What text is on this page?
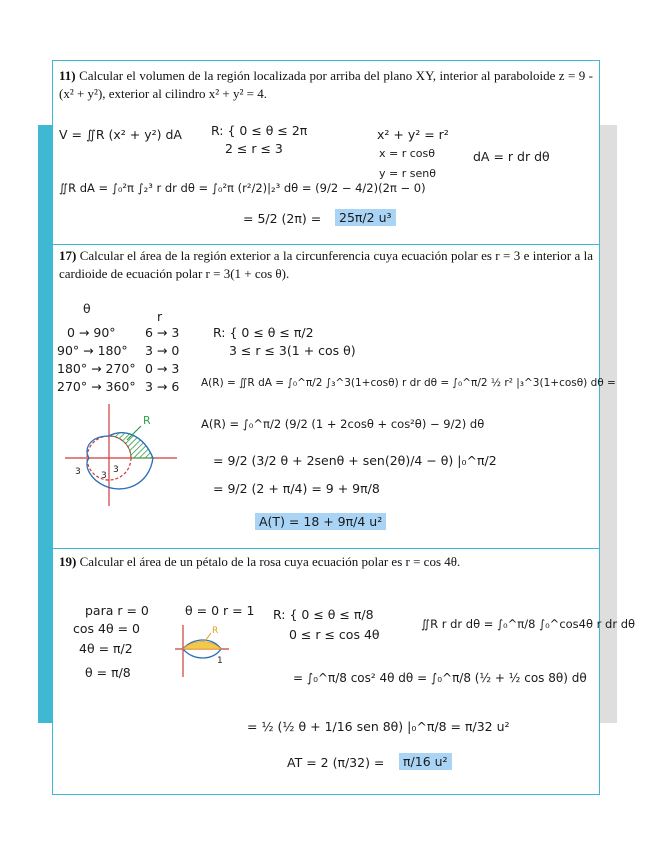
11) Calcular el volumen de la región localizada por arriba del plano XY, interior al paraboloide z = 9 - (x² + y²), exterior al cilindro x² + y² = 4.
V = ∬R (x² + y²) dA R: { 0 ≤ θ ≤ 2π
2 ≤ r ≤ 3
x² + y² = r²
x = r cosθ
y = r senθ
dA = r dr dθ
∬R dA = ∫₀²π ∫₂³ r dr dθ = ∫₀²π (r²/2)|₂³ dθ = (9/2 − 4/2)(2π − 0)
= 5/2 (2π) =	25π/2 u³
17) Calcular el área de la región exterior a la circunferencia cuya ecuación polar es r = 3 e interior a la cardioide de ecuación polar r = 3(1 + cos θ).
θ
r
0 → 90° 6 → 3
90° → 180° 3 → 0
180° → 270° 0 → 3
270° → 360° 3 → 6
R
3 3
3
R: { 0 ≤ θ ≤ π/2
3 ≤ r ≤ 3(1 + cos θ)
A(R) = ∬R dA = ∫₀^π/2 ∫₃^3(1+cosθ) r dr dθ = ∫₀^π/2 ½ r² |₃^3(1+cosθ) dθ =
A(R) = ∫₀^π/2 (9/2 (1 + 2cosθ + cos²θ) − 9/2) dθ
= 9/2 (3/2 θ + 2senθ + sen(2θ)/4 − θ) |₀^π/2
= 9/2 (2 + π/4) = 9 + 9π/8
A(T) = 18 + 9π/4 u²
19) Calcular el área de un pétalo de la rosa cuya ecuación polar es r = cos 4θ.
para r = 0	θ = 0 r = 1
cos 4θ = 0
4θ = π/2
θ = π/8
R
1
R: { 0 ≤ θ ≤ π/8
0 ≤ r ≤ cos 4θ
∬R r dr dθ = ∫₀^π/8 ∫₀^cos4θ r dr dθ
= ∫₀^π/8 cos² 4θ dθ = ∫₀^π/8 (½ + ½ cos 8θ) dθ
= ½ (½ θ + 1/16 sen 8θ) |₀^π/8 = π/32 u²
AT = 2 (π/32) =	π/16 u²
